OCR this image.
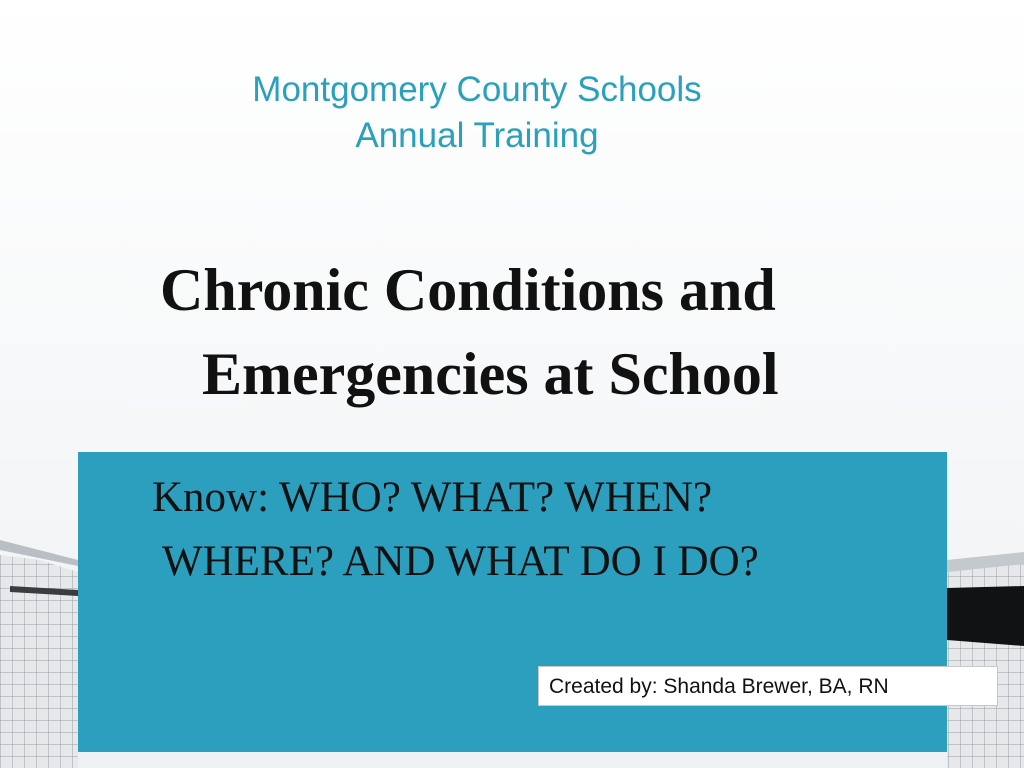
Montgomery County Schools
Annual Training
Chronic Conditions and
Emergencies at School
Know: WHO? WHAT? WHEN?
WHERE? AND WHAT DO I DO?
Created by: Shanda Brewer, BA, RN
